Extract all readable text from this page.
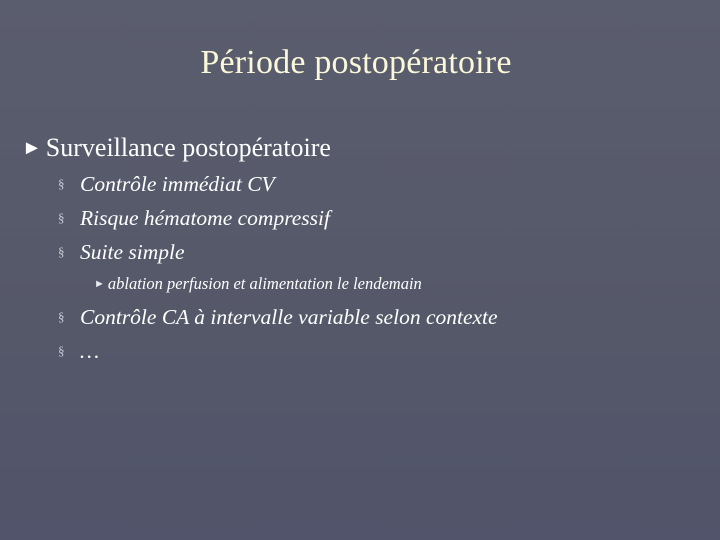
Période postopératoire
► Surveillance postopératoire
§ Contrôle immédiat CV
§ Risque hématome compressif
§ Suite simple
► ablation perfusion et alimentation le lendemain
§ Contrôle CA à intervalle variable selon contexte
§ …
